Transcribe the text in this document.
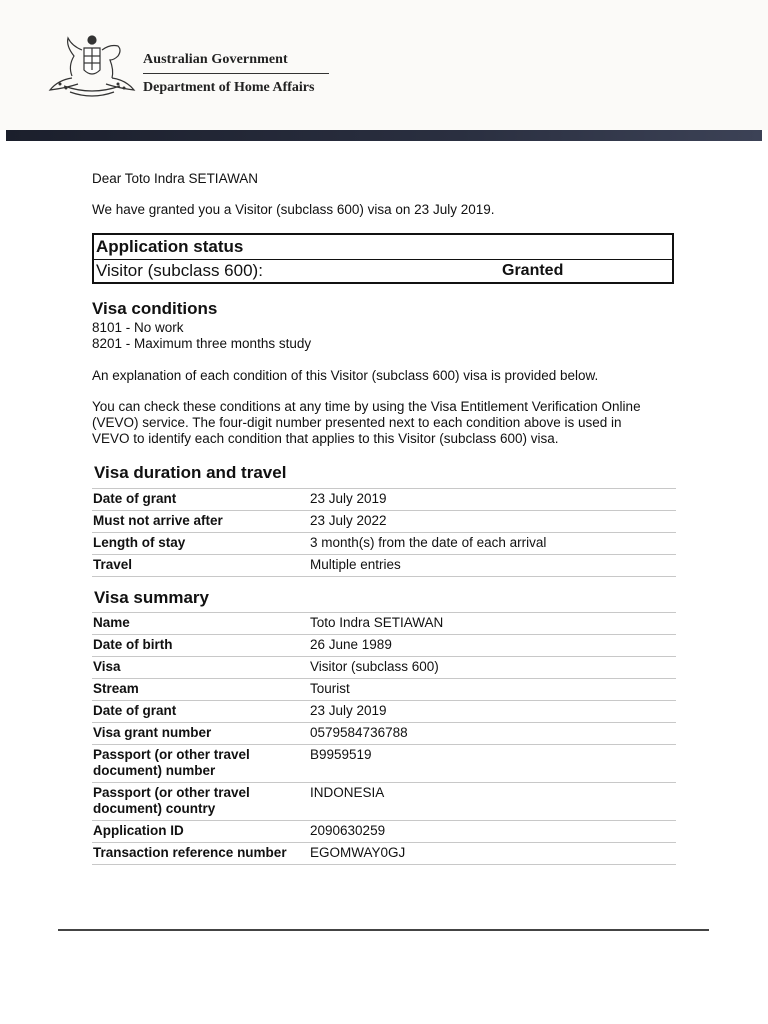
Australian Government
Department of Home Affairs
Dear Toto Indra SETIAWAN
We have granted you a Visitor (subclass 600) visa on 23 July 2019.
Application status
Visitor (subclass 600):	Granted
Visa conditions
8101 - No work
8201 - Maximum three months study
An explanation of each condition of this Visitor (subclass 600) visa is provided below.
You can check these conditions at any time by using the Visa Entitlement Verification Online
(VEVO) service. The four-digit number presented next to each condition above is used in
VEVO to identify each condition that applies to this Visitor (subclass 600) visa.
Visa duration and travel
Date of grant	23 July 2019
Must not arrive after	23 July 2022
Length of stay	3 month(s) from the date of each arrival
Travel	Multiple entries
Visa summary
Name	Toto Indra SETIAWAN
Date of birth	26 June 1989
Visa	Visitor (subclass 600)
Stream	Tourist
Date of grant	23 July 2019
Visa grant number	0579584736788
Passport (or other travel document) number	B9959519
Passport (or other travel document) country	INDONESIA
Application ID	2090630259
Transaction reference number	EGOMWAY0GJ
